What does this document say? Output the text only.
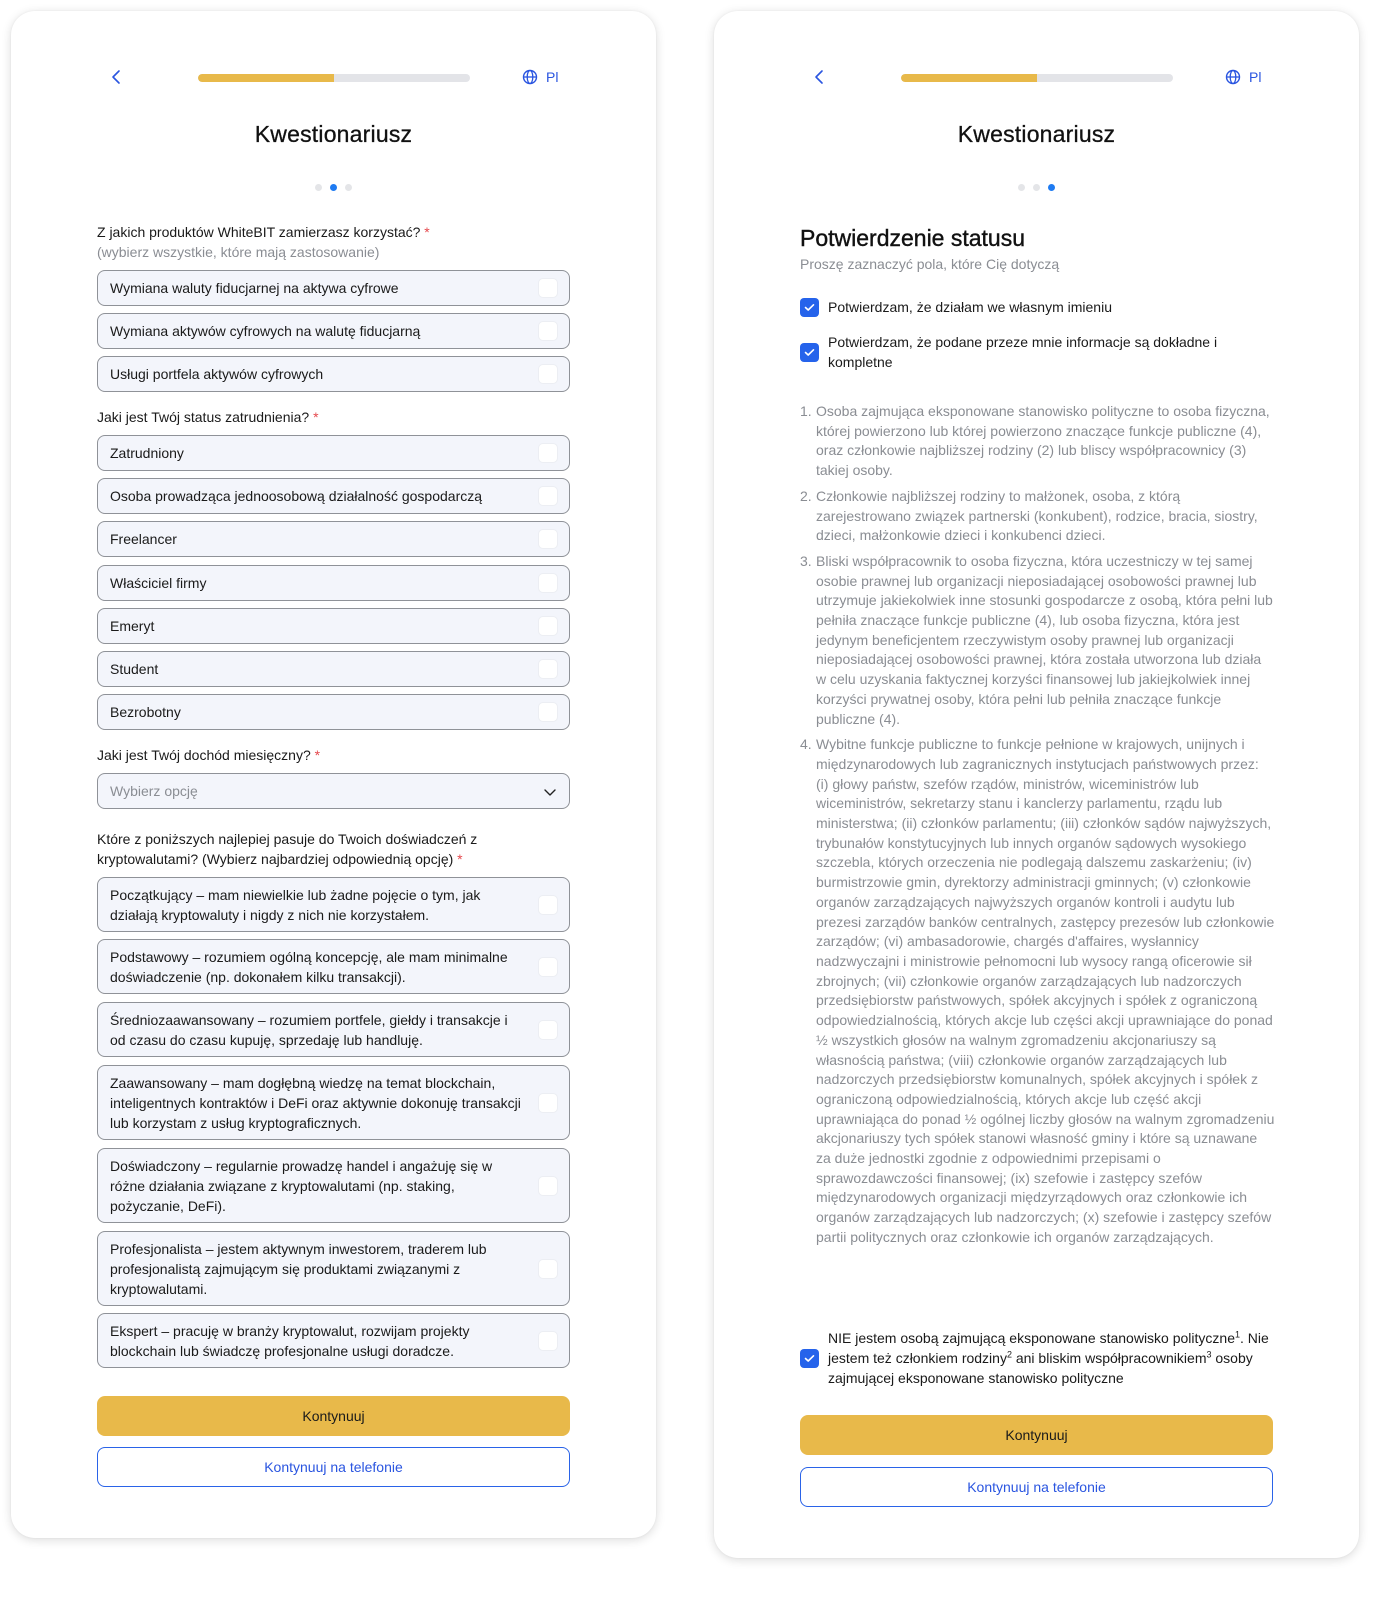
Pl
Kwestionariusz
Z jakich produktów WhiteBIT zamierzasz korzystać? *
(wybierz wszystkie, które mają zastosowanie)
Wymiana waluty fiducjarnej na aktywa cyfrowe
Wymiana aktywów cyfrowych na walutę fiducjarną
Usługi portfela aktywów cyfrowych
Jaki jest Twój status zatrudnienia? *
Zatrudniony
Osoba prowadząca jednoosobową działalność gospodarczą
Freelancer
Właściciel firmy
Emeryt
Student
Bezrobotny
Jaki jest Twój dochód miesięczny? *
Wybierz opcję
Które z poniższych najlepiej pasuje do Twoich doświadczeń z kryptowalutami? (Wybierz najbardziej odpowiednią opcję) *
Początkujący – mam niewielkie lub żadne pojęcie o tym, jak działają kryptowaluty i nigdy z nich nie korzystałem.
Podstawowy – rozumiem ogólną koncepcję, ale mam minimalne doświadczenie (np. dokonałem kilku transakcji).
Średniozaawansowany – rozumiem portfele, giełdy i transakcje i od czasu do czasu kupuję, sprzedaję lub handluję.
Zaawansowany – mam dogłębną wiedzę na temat blockchain, inteligentnych kontraktów i DeFi oraz aktywnie dokonuję transakcji lub korzystam z usług kryptograficznych.
Doświadczony – regularnie prowadzę handel i angażuję się w różne działania związane z kryptowalutami (np. staking, pożyczanie, DeFi).
Profesjonalista – jestem aktywnym inwestorem, traderem lub profesjonalistą zajmującym się produktami związanymi z kryptowalutami.
Ekspert – pracuję w branży kryptowalut, rozwijam projekty blockchain lub świadczę profesjonalne usługi doradcze.
Kontynuuj
Kontynuuj na telefonie
Pl
Kwestionariusz
Potwierdzenie statusu
Proszę zaznaczyć pola, które Cię dotyczą
Potwierdzam, że działam we własnym imieniu
Potwierdzam, że podane przeze mnie informacje są dokładne i kompletne
1. Osoba zajmująca eksponowane stanowisko polityczne to osoba fizyczna, której powierzono lub której powierzono znaczące funkcje publiczne (4), oraz członkowie najbliższej rodziny (2) lub bliscy współpracownicy (3) takiej osoby.
2. Członkowie najbliższej rodziny to małżonek, osoba, z którą zarejestrowano związek partnerski (konkubent), rodzice, bracia, siostry, dzieci, małżonkowie dzieci i konkubenci dzieci.
3. Bliski współpracownik to osoba fizyczna, która uczestniczy w tej samej osobie prawnej lub organizacji nieposiadającej osobowości prawnej lub utrzymuje jakiekolwiek inne stosunki gospodarcze z osobą, która pełni lub pełniła znaczące funkcje publiczne (4), lub osoba fizyczna, która jest jedynym beneficjentem rzeczywistym osoby prawnej lub organizacji nieposiadającej osobowości prawnej, która została utworzona lub działa w celu uzyskania faktycznej korzyści finansowej lub jakiejkolwiek innej korzyści prywatnej osoby, która pełni lub pełniła znaczące funkcje publiczne (4).
4. Wybitne funkcje publiczne to funkcje pełnione w krajowych, unijnych i międzynarodowych lub zagranicznych instytucjach państwowych przez: (i) głowy państw, szefów rządów, ministrów, wiceministrów lub wiceministrów, sekretarzy stanu i kanclerzy parlamentu, rządu lub ministerstwa; (ii) członków parlamentu; (iii) członków sądów najwyższych, trybunałów konstytucyjnych lub innych organów sądowych wysokiego szczebla, których orzeczenia nie podlegają dalszemu zaskarżeniu; (iv) burmistrzowie gmin, dyrektorzy administracji gminnych; (v) członkowie organów zarządzających najwyższych organów kontroli i audytu lub prezesi zarządów banków centralnych, zastępcy prezesów lub członkowie zarządów; (vi) ambasadorowie, chargés d'affaires, wysłannicy nadzwyczajni i ministrowie pełnomocni lub wysocy rangą oficerowie sił zbrojnych; (vii) członkowie organów zarządzających lub nadzorczych przedsiębiorstw państwowych, spółek akcyjnych i spółek z ograniczoną odpowiedzialnością, których akcje lub części akcji uprawniające do ponad ½ wszystkich głosów na walnym zgromadzeniu akcjonariuszy są własnością państwa; (viii) członkowie organów zarządzających lub nadzorczych przedsiębiorstw komunalnych, spółek akcyjnych i spółek z ograniczoną odpowiedzialnością, których akcje lub część akcji uprawniająca do ponad ½ ogólnej liczby głosów na walnym zgromadzeniu akcjonariuszy tych spółek stanowi własność gminy i które są uznawane za duże jednostki zgodnie z odpowiednimi przepisami o sprawozdawczości finansowej; (ix) szefowie i zastępcy szefów międzynarodowych organizacji międzyrządowych oraz członkowie ich organów zarządzających lub nadzorczych; (x) szefowie i zastępcy szefów partii politycznych oraz członkowie ich organów zarządzających.
NIE jestem osobą zajmującą eksponowane stanowisko polityczne$^1$. Nie jestem też członkiem rodziny$^2$ ani bliskim współpracownikiem$^3$ osoby zajmującej eksponowane stanowisko polityczne
Kontynuuj
Kontynuuj na telefonie
